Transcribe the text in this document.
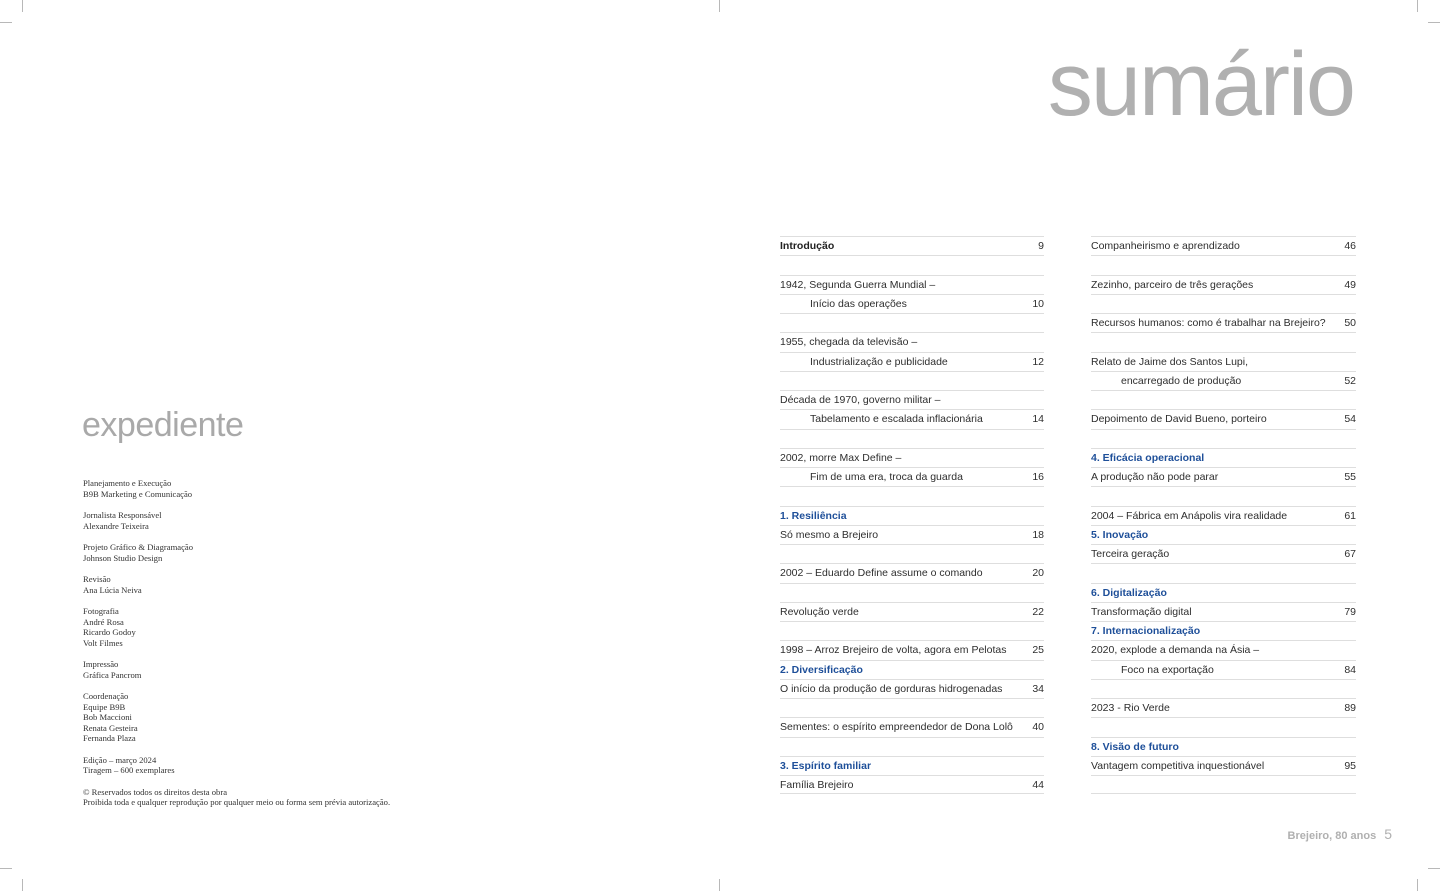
sumário
expediente
Planejamento e Execução
B9B Marketing e Comunicação
Jornalista Responsável
Alexandre Teixeira
Projeto Gráfico & Diagramação
Johnson Studio Design
Revisão
Ana Lúcia Neiva
Fotografia
André Rosa
Ricardo Godoy
Volt Filmes
Impressão
Gráfica Pancrom
Coordenação
Equipe B9B
Bob Maccioni
Renata Gesteira
Fernanda Plaza
Edição – março 2024
Tiragem – 600 exemplares
© Reservados todos os direitos desta obra
Proibida toda e qualquer reprodução por qualquer meio ou forma sem prévia autorização.
Introdução	9
1942, Segunda Guerra Mundial –
Início das operações	10
1955, chegada da televisão –
Industrialização e publicidade	12
Década de 1970, governo militar –
Tabelamento e escalada inflacionária	14
2002, morre Max Define –
Fim de uma era, troca da guarda	16
1. Resiliência
Só mesmo a Brejeiro	18
2002 – Eduardo Define assume o comando	20
Revolução verde	22
1998 – Arroz Brejeiro de volta, agora em Pelotas 25
2. Diversificação
O início da produção de gorduras hidrogenadas	34
Sementes: o espírito empreendedor de Dona Lolô 40
3. Espírito familiar
Família Brejeiro	44
Companheirismo e aprendizado	46
Zezinho, parceiro de três gerações	49
Recursos humanos: como é trabalhar na Brejeiro? 50
Relato de Jaime dos Santos Lupi,
encarregado de produção	52
Depoimento de David Bueno, porteiro	54
4. Eficácia operacional
A produção não pode parar	55
2004 – Fábrica em Anápolis vira realidade	61
5. Inovação
Terceira geração	67
6. Digitalização
Transformação digital	79
7. Internacionalização
2020, explode a demanda na Ásia –
Foco na exportação	84
2023 - Rio Verde	89
8. Visão de futuro
Vantagem competitiva inquestionável	95
Brejeiro, 80 anos 5
